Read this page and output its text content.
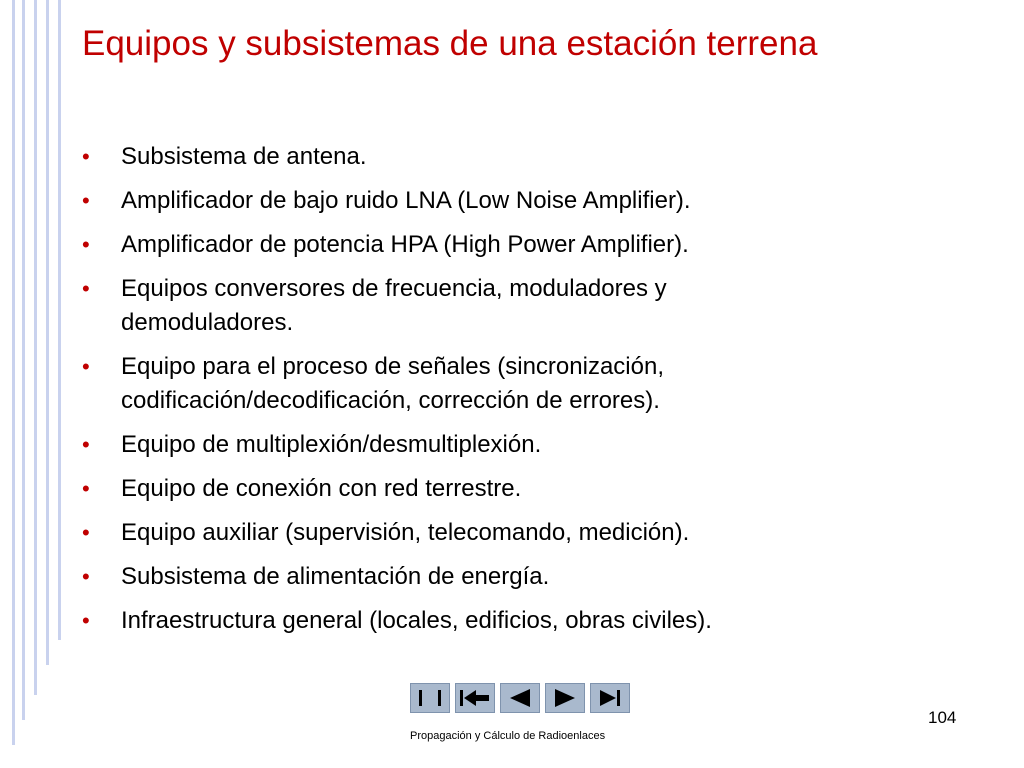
Equipos y subsistemas de una estación terrena
• Subsistema de antena.
• Amplificador de bajo ruido LNA (Low Noise Amplifier).
• Amplificador de potencia HPA (High Power Amplifier).
• Equipos conversores de frecuencia, moduladores y demoduladores.
• Equipo para el proceso de señales (sincronización, codificación/decodificación, corrección de errores).
• Equipo de multiplexión/desmultiplexión.
• Equipo de conexión con red terrestre.
• Equipo auxiliar (supervisión, telecomando, medición).
• Subsistema de alimentación de energía.
• Infraestructura general (locales, edificios, obras civiles).
104
Propagación y Cálculo de Radioenlaces
